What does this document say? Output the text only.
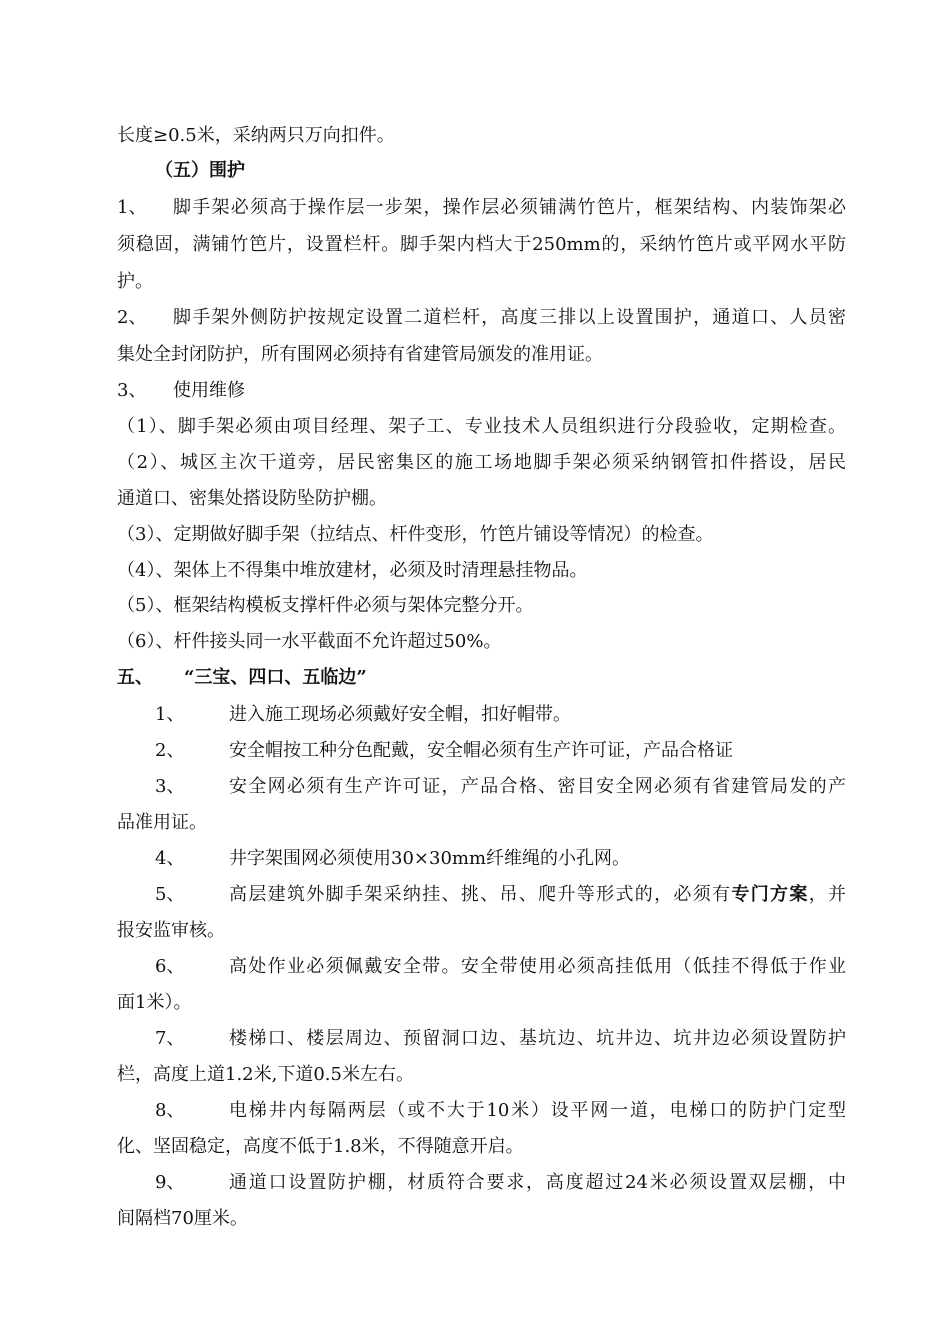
长度≥0.5米，采纳两只万向扣件。
（五）围护
1、 脚手架必须高于操作层一步架，操作层必须铺满竹笆片，框架结构、内装饰架必
须稳固，满铺竹笆片，设置栏杆。脚手架内档大于250mm的，采纳竹笆片或平网水平防
护。
2、 脚手架外侧防护按规定设置二道栏杆，高度三排以上设置围护，通道口、人员密
集处全封闭防护，所有围网必须持有省建管局颁发的准用证。
3、 使用维修
（1）、脚手架必须由项目经理、架子工、专业技术人员组织进行分段验收，定期检查。
（2）、城区主次干道旁，居民密集区的施工场地脚手架必须采纳钢管扣件搭设，居民
通道口、密集处搭设防坠防护棚。
（3）、定期做好脚手架（拉结点、杆件变形，竹笆片铺设等情况）的检查。
（4）、架体上不得集中堆放建材，必须及时清理悬挂物品。
（5）、框架结构模板支撑杆件必须与架体完整分开。
（6）、杆件接头同一水平截面不允许超过50%。
五、 “三宝、四口、五临边”
1、 进入施工现场必须戴好安全帽，扣好帽带。
2、 安全帽按工种分色配戴，安全帽必须有生产许可证，产品合格证
3、 安全网必须有生产许可证，产品合格、密目安全网必须有省建管局发的产
品准用证。
4、 井字架围网必须使用30×30mm纤维绳的小孔网。
5、 高层建筑外脚手架采纳挂、挑、吊、爬升等形式的，必须有专门方案，并
报安监审核。
6、 高处作业必须佩戴安全带。安全带使用必须高挂低用（低挂不得低于作业
面1米）。
7、 楼梯口、楼层周边、预留洞口边、基坑边、坑井边、坑井边必须设置防护
栏，高度上道1.2米,下道0.5米左右。
8、 电梯井内每隔两层（或不大于10米）设平网一道，电梯口的防护门定型
化、坚固稳定，高度不低于1.8米，不得随意开启。
9、 通道口设置防护棚，材质符合要求，高度超过24米必须设置双层棚，中
间隔档70厘米。
